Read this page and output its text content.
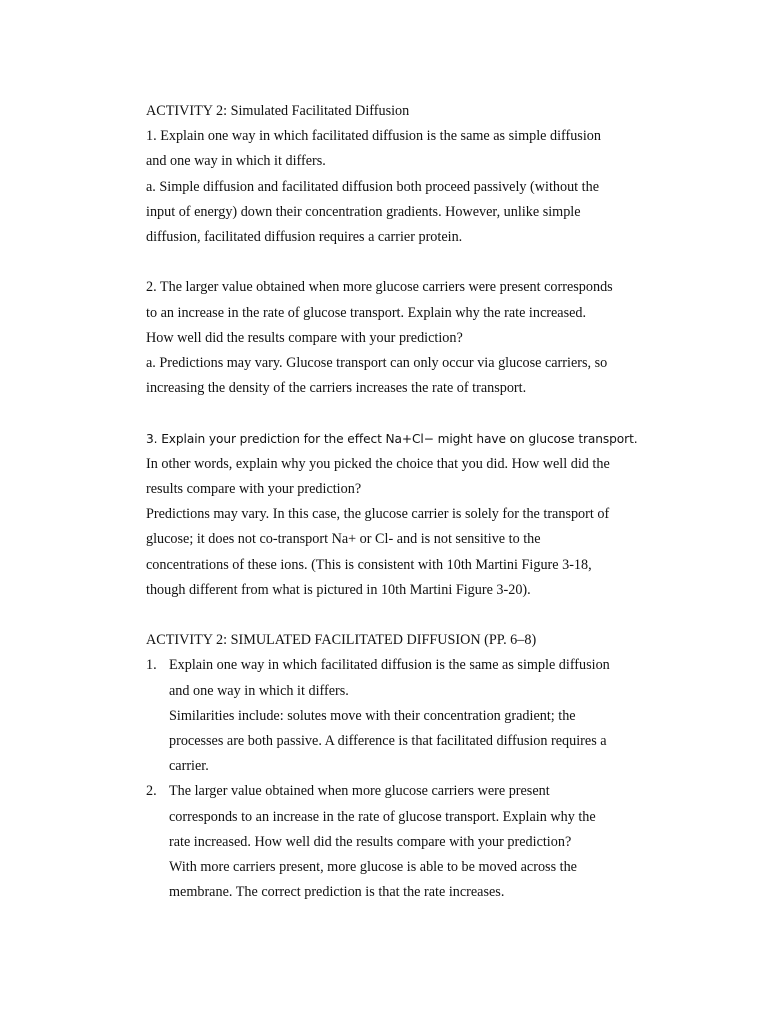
ACTIVITY 2: Simulated Facilitated Diffusion
1. Explain one way in which facilitated diffusion is the same as simple diffusion
and one way in which it differs.
a. Simple diffusion and facilitated diffusion both proceed passively (without the
input of energy) down their concentration gradients. However, unlike simple
diffusion, facilitated diffusion requires a carrier protein.
2. The larger value obtained when more glucose carriers were present corresponds
to an increase in the rate of glucose transport. Explain why the rate increased.
How well did the results compare with your prediction?
a. Predictions may vary. Glucose transport can only occur via glucose carriers, so
increasing the density of the carriers increases the rate of transport.
3. Explain your prediction for the effect Na+Cl− might have on glucose transport.
In other words, explain why you picked the choice that you did. How well did the
results compare with your prediction?
Predictions may vary. In this case, the glucose carrier is solely for the transport of
glucose; it does not co-transport Na+ or Cl- and is not sensitive to the
concentrations of these ions. (This is consistent with 10th Martini Figure 3-18,
though different from what is pictured in 10th Martini Figure 3-20).
ACTIVITY 2: SIMULATED FACILITATED DIFFUSION (PP. 6–8)
1. Explain one way in which facilitated diffusion is the same as simple diffusion
and one way in which it differs.
Similarities include: solutes move with their concentration gradient; the
processes are both passive. A difference is that facilitated diffusion requires a
carrier.
2. The larger value obtained when more glucose carriers were present
corresponds to an increase in the rate of glucose transport. Explain why the
rate increased. How well did the results compare with your prediction?
With more carriers present, more glucose is able to be moved across the
membrane. The correct prediction is that the rate increases.
